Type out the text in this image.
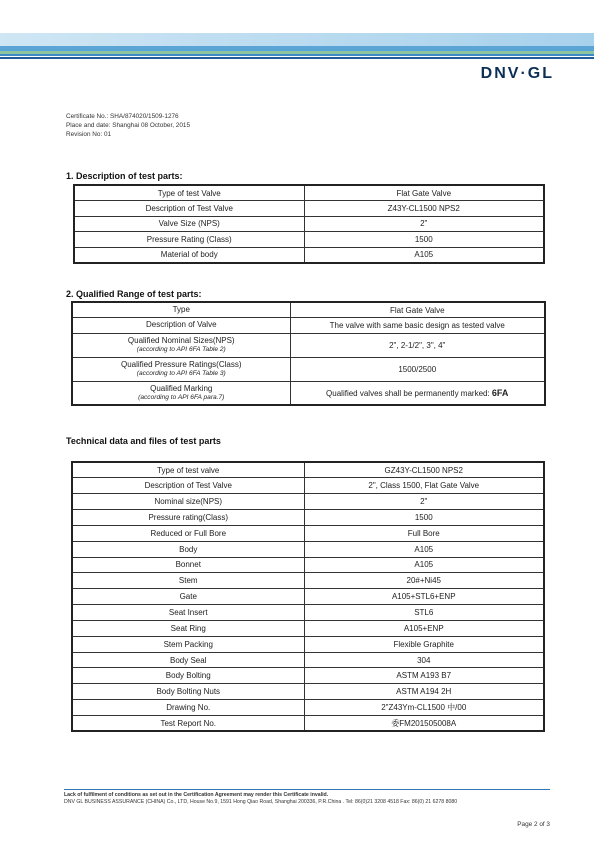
DNV·GL
Certificate No.: SHA/874020/1509-1276
Place and date: Shanghai 08 October, 2015
Revision No: 01
1. Description of test parts:
Type of test Valve	Flat Gate Valve
Description of Test Valve	Z43Y-CL1500 NPS2
Valve Size (NPS)	2"
Pressure Rating (Class)	1500
Material of body	A105
2. Qualified Range of test parts:
Type	Flat Gate Valve

Description of Valve	The valve with same basic design as tested valve

Qualified Nominal Sizes(NPS)
(according to API 6FA Table 2)	2", 2-1/2", 3", 4"

Qualified Pressure Ratings(Class)
(according to API 6FA Table 3)	1500/2500

Qualified Marking
(according to API 6FA para.7)	Qualified valves shall be permanently marked: 6FA
Technical data and files of test parts
Type of test valve	GZ43Y-CL1500 NPS2
Description of Test Valve	2", Class 1500, Flat Gate Valve
Nominal size(NPS)	2"
Pressure rating(Class)	1500
Reduced or Full Bore	Full Bore
Body	A105
Bonnet	A105
Stem	20#+Ni45
Gate	A105+STL6+ENP
Seat Insert	STL6
Seat Ring	A105+ENP
Stem Packing	Flexible Graphite
Body Seal	304
Body Bolting	ASTM A193 B7
Body Bolting Nuts	ASTM A194 2H
Drawing No.	2"Z43Ym-CL1500 中/00
Test Report No.	委FM201505008A
Lack of fulfilment of conditions as set out in the Certification Agreement may render this Certificate invalid.
DNV GL BUSINESS ASSURANCE (CHINA) Co., LTD, House No.9, 1591 Hong Qiao Road, Shanghai 200336, P.R.China . Tel: 86(0)21 3208 4518 Fax: 86(0) 21 6278 8080
Page 2 of 3
